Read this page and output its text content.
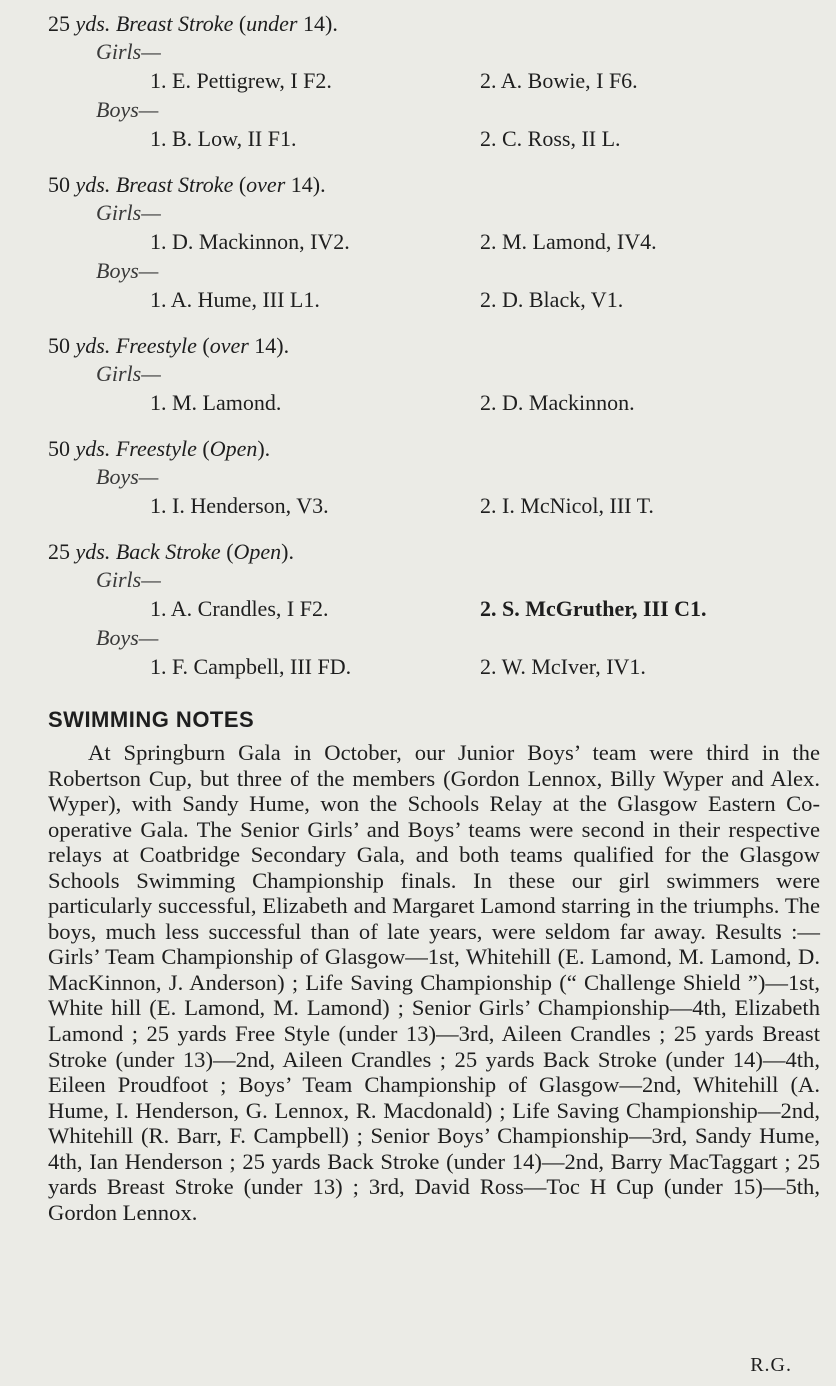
25 yds. Breast Stroke (under 14).
Girls—
1. E. Pettigrew, I F2.	2. A. Bowie, I F6.
Boys—
1. B. Low, II F1.	2. C. Ross, II L.
50 yds. Breast Stroke (over 14).
Girls—
1. D. Mackinnon, IV2.	2. M. Lamond, IV4.
Boys—
1. A. Hume, III L1.	2. D. Black, V1.
50 yds. Freestyle (over 14).
Girls—
1. M. Lamond.	2. D. Mackinnon.
50 yds. Freestyle (Open).
Boys—
1. I. Henderson, V3.	2. I. McNicol, III T.
25 yds. Back Stroke (Open).
Girls—
1. A. Crandles, I F2.	2. S. McGruther, III C1.
Boys—
1. F. Campbell, III FD.	2. W. McIver, IV1.
SWIMMING NOTES

At Springburn Gala in October, our Junior Boys’ team were third in the Robertson Cup, but three of the members (Gordon Lennox, Billy Wyper and Alex. Wyper), with Sandy Hume, won the Schools Relay at the Glasgow Eastern Co-operative Gala. The Senior Girls’ and Boys’ teams were second in their respective relays at Coatbridge Secondary Gala, and both teams qualified for the Glasgow Schools Swimming Championship finals. In these our girl swimmers were particularly successful, Elizabeth and Margaret Lamond starring in the triumphs. The boys, much less successful than of late years, were seldom far away. Results :—Girls’ Team Championship of Glasgow—1st, Whitehill (E. Lamond, M. Lamond, D. MacKinnon, J. Anderson) ; Life Saving Championship (“ Challenge Shield ”)—1st, White hill (E. Lamond, M. Lamond) ; Senior Girls’ Championship—4th, Elizabeth Lamond ; 25 yards Free Style (under 13)—3rd, Aileen Crandles ; 25 yards Breast Stroke (under 13)—2nd, Aileen Crandles ; 25 yards Back Stroke (under 14)—4th, Eileen Proudfoot ; Boys’ Team Championship of Glasgow—2nd, Whitehill (A. Hume, I. Henderson, G. Lennox, R. Macdonald) ; Life Saving Championship—2nd, Whitehill (R. Barr, F. Campbell) ; Senior Boys’ Championship—3rd, Sandy Hume, 4th, Ian Henderson ; 25 yards Back Stroke (under 14)—2nd, Barry MacTaggart ; 25 yards Breast Stroke (under 13) ; 3rd, David Ross—Toc H Cup (under 15)—5th, Gordon Lennox.

R.G.
